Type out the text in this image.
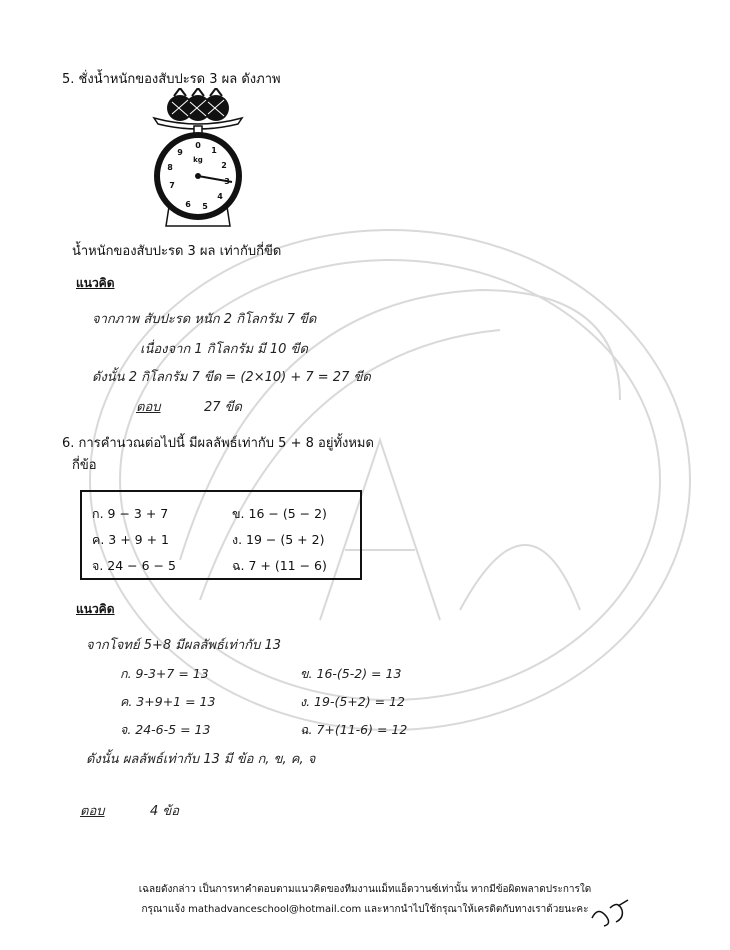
5. ชั่งน้ำหนักของสับปะรด 3 ผล ดังภาพ
0
1
2
4
5
6
7
8
9
kg
น้ำหนักของสับปะรด 3 ผล เท่ากับกี่ขีด
แนวคิด
จากภาพ สับปะรด หนัก 2 กิโลกรัม 7 ขีด
เนื่องจาก 1 กิโลกรัม มี 10 ขีด
ดังนั้น 2 กิโลกรัม 7 ขีด = (2×10) + 7 = 27 ขีด
ตอบ	27 ขีด
6. การคำนวณต่อไปนี้ มีผลลัพธ์เท่ากับ 5 + 8 อยู่ทั้งหมด
กี่ข้อ
ก. 9 − 3 + 7	ข. 16 − (5 − 2)
ค. 3 + 9 + 1	ง. 19 − (5 + 2)
จ. 24 − 6 − 5	ฉ. 7 + (11 − 6)
แนวคิด
จากโจทย์ 5+8 มีผลลัพธ์เท่ากับ 13
ก. 9-3+7 = 13	ข. 16-(5-2) = 13
ค. 3+9+1 = 13	ง. 19-(5+2) = 12
จ. 24-6-5 = 13	ฉ. 7+(11-6) = 12
ดังนั้น ผลลัพธ์เท่ากับ 13 มี ข้อ ก, ข, ค, จ
ตอบ	4 ข้อ
เฉลยดังกล่าว เป็นการหาคำตอบตามแนวคิดของทีมงานแม็ทแอ็ดวานซ์เท่านั้น หากมีข้อผิดพลาดประการใด
กรุณาแจ้ง mathadvanceschool@hotmail.com และหากนำไปใช้กรุณาให้เครดิตกับทางเราด้วยนะคะ
